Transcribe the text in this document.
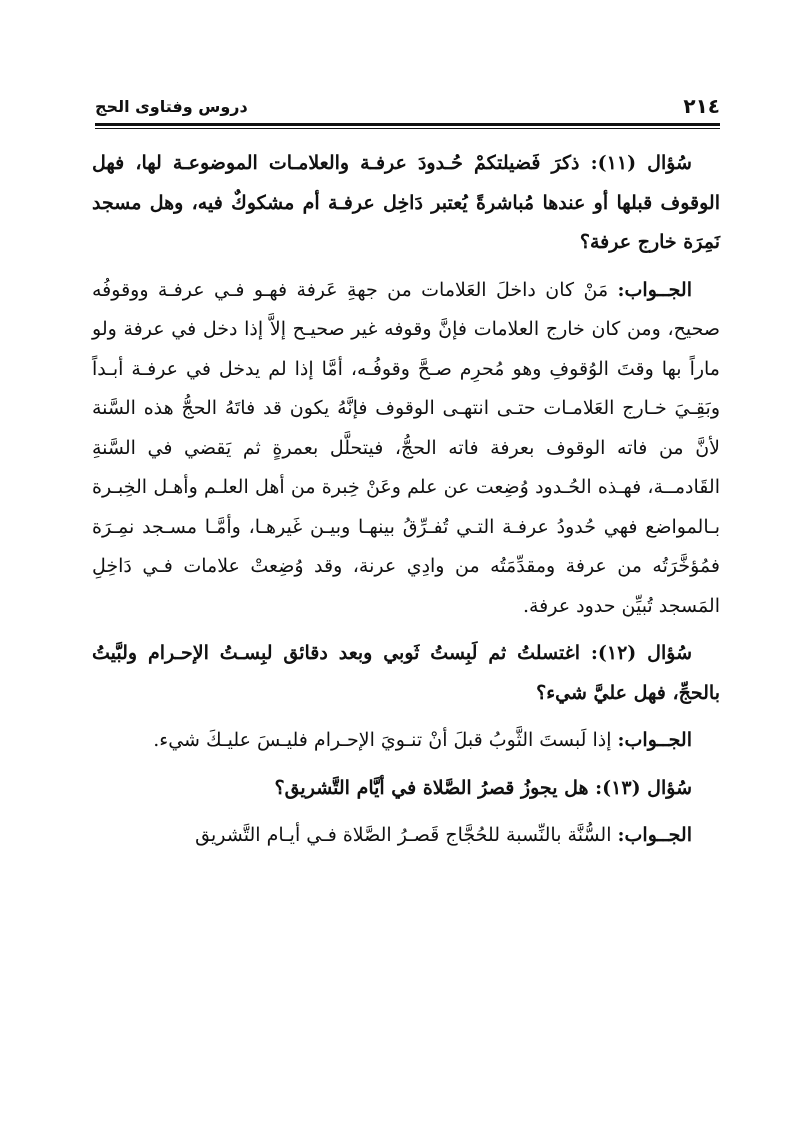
٢١٤
دروس وفتاوى الحج

سُؤال (١١): ذكرَ فَضيلتكمْ حُـدودَ عرفـة والعلامـات الموضوعـة لها، فهل الوقوف قبلها أو عندها مُباشرةً يُعتبر دَاخِل عرفـة أم مشكوكٌ فيه، وهل مسجد نَمِرَة خارج عرفة؟

الجــواب: مَنْ كان داخلَ العَلامات من جهةِ عَرفة فهـو فـي عرفـة ووقوفُه صحيح، ومن كان خارج العلامات فإنَّ وقوفه غير صحيـح إلاَّ إذا دخل في عرفة ولو ماراً بها وقتَ الوُقوفِ وهو مُحرِم صـحَّ وقوفُـه، أمَّا إذا لم يدخل في عرفـة أبـداً وبَقِـيَ خـارج العَلامـات حتـى انتهـى الوقوف فإنَّهُ يكون قد فاتَهُ الحجُّ هذه السَّنة لأنَّ من فاته الوقوف بعرفة فاته الحجُّ، فيتحلَّل بعمرةٍ ثم يَقضي في السَّنةِ القَادمــة، فهـذه الحُـدود وُضِعت عن علم وعَنْ خِبرة من أهل العلـم وأهـل الخِبـرة بـالمواضع فهي حُدودُ عرفـة التـي تُفـرِّقُ بينهـا وبيـن غَيرهـا، وأمَّـا مسـجد نمِـرَة فمُؤخَّرَتُه من عرفة ومقدِّمَتُه من وادِي عرنة، وقد وُضِعتْ علامات فـي دَاخِلِ المَسجد تُبيِّن حدود عرفة.

سُؤال (١٢): اغتسلتُ ثم لَبِستُ ثَوبي وبعد دقائق لبِسـتُ الإحـرام ولبَّيتُ بالحجِّ، فهل عليَّ شيء؟

الجــواب: إذا لَبستَ الثَّوبُ قبلَ أنْ تنـويَ الإحـرام فليـسَ عليـكَ شيء.

سُؤال (١٣): هل يجوزُ قصرُ الصَّلاة في أيَّام التَّشريق؟

الجــواب: السُّنَّة بالنِّسبة للحُجَّاج قَصـرُ الصَّلاة فـي أيـام التَّشريق
